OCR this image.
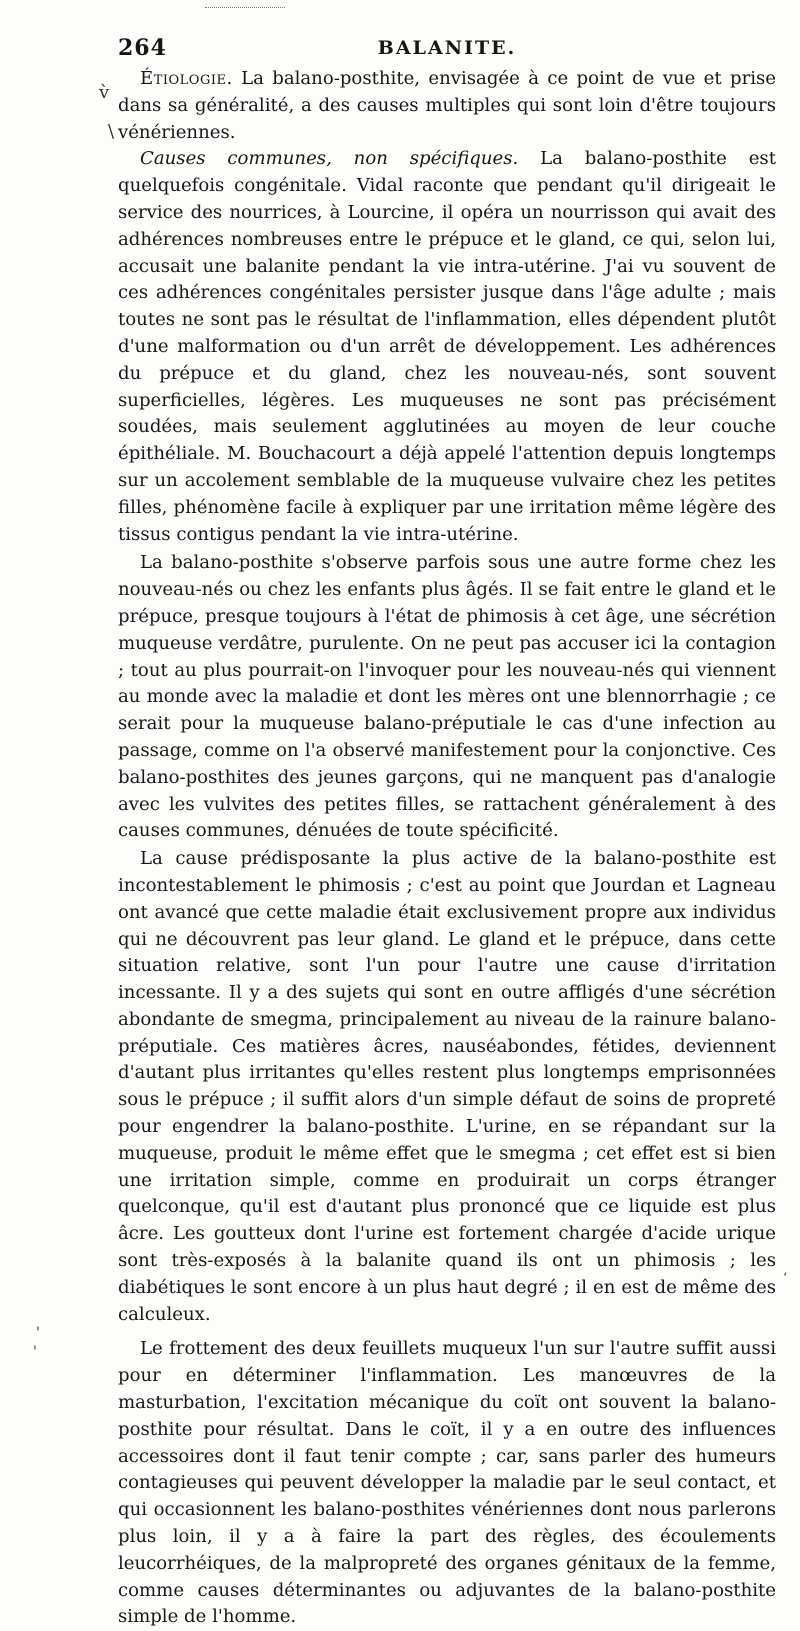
264	BALANITE.
v̀
\
'
'
ʻ

Étiologie. La balano-posthite, envisagée à ce point de vue et prise dans sa généralité, a des causes multiples qui sont loin d'être toujours vénériennes.

Causes communes, non spécifiques. La balano-posthite est quelquefois congénitale. Vidal raconte que pendant qu'il dirigeait le service des nourrices, à Lourcine, il opéra un nourrisson qui avait des adhérences nombreuses entre le prépuce et le gland, ce qui, selon lui, accusait une balanite pendant la vie intra-utérine. J'ai vu souvent de ces adhérences congénitales persister jusque dans l'âge adulte ; mais toutes ne sont pas le résultat de l'inflammation, elles dépendent plutôt d'une malformation ou d'un arrêt de développement. Les adhérences du prépuce et du gland, chez les nouveau-nés, sont souvent superficielles, légères. Les muqueuses ne sont pas précisément soudées, mais seulement agglutinées au moyen de leur couche épithéliale. M. Bouchacourt a déjà appelé l'attention depuis longtemps sur un accolement semblable de la muqueuse vulvaire chez les petites filles, phénomène facile à expliquer par une irritation même légère des tissus contigus pendant la vie intra-utérine.

La balano-posthite s'observe parfois sous une autre forme chez les nouveau-nés ou chez les enfants plus âgés. Il se fait entre le gland et le prépuce, presque toujours à l'état de phimosis à cet âge, une sécrétion muqueuse verdâtre, purulente. On ne peut pas accuser ici la contagion ; tout au plus pourrait-on l'invoquer pour les nouveau-nés qui viennent au monde avec la maladie et dont les mères ont une blennorrhagie ; ce serait pour la muqueuse balano-préputiale le cas d'une infection au passage, comme on l'a observé manifestement pour la conjonctive. Ces balano-posthites des jeunes garçons, qui ne manquent pas d'analogie avec les vulvites des petites filles, se rattachent généralement à des causes communes, dénuées de toute spécificité.

La cause prédisposante la plus active de la balano-posthite est incontestablement le phimosis ; c'est au point que Jourdan et Lagneau ont avancé que cette maladie était exclusivement propre aux individus qui ne découvrent pas leur gland. Le gland et le prépuce, dans cette situation relative, sont l'un pour l'autre une cause d'irritation incessante. Il y a des sujets qui sont en outre affligés d'une sécrétion abondante de smegma, principalement au niveau de la rainure balano-préputiale. Ces matières âcres, nauséabondes, fétides, deviennent d'autant plus irritantes qu'elles restent plus longtemps emprisonnées sous le prépuce ; il suffit alors d'un simple défaut de soins de propreté pour engendrer la balano-posthite. L'urine, en se répandant sur la muqueuse, produit le même effet que le smegma ; cet effet est si bien une irritation simple, comme en produirait un corps étranger quelconque, qu'il est d'autant plus prononcé que ce liquide est plus âcre. Les goutteux dont l'urine est fortement chargée d'acide urique sont très-exposés à la balanite quand ils ont un phimosis ; les diabétiques le sont encore à un plus haut degré ; il en est de même des calculeux.

Le frottement des deux feuillets muqueux l'un sur l'autre suffit aussi pour en déterminer l'inflammation. Les manœuvres de la masturbation, l'excitation mécanique du coït ont souvent la balano-posthite pour résultat. Dans le coït, il y a en outre des influences accessoires dont il faut tenir compte ; car, sans parler des humeurs contagieuses qui peuvent développer la maladie par le seul contact, et qui occasionnent les balano-posthites vénériennes dont nous parlerons plus loin, il y a à faire la part des règles, des écoulements leucorrhéiques, de la malpropreté des organes génitaux de la femme, comme causes déterminantes ou adjuvantes de la balano-posthite simple de l'homme.
